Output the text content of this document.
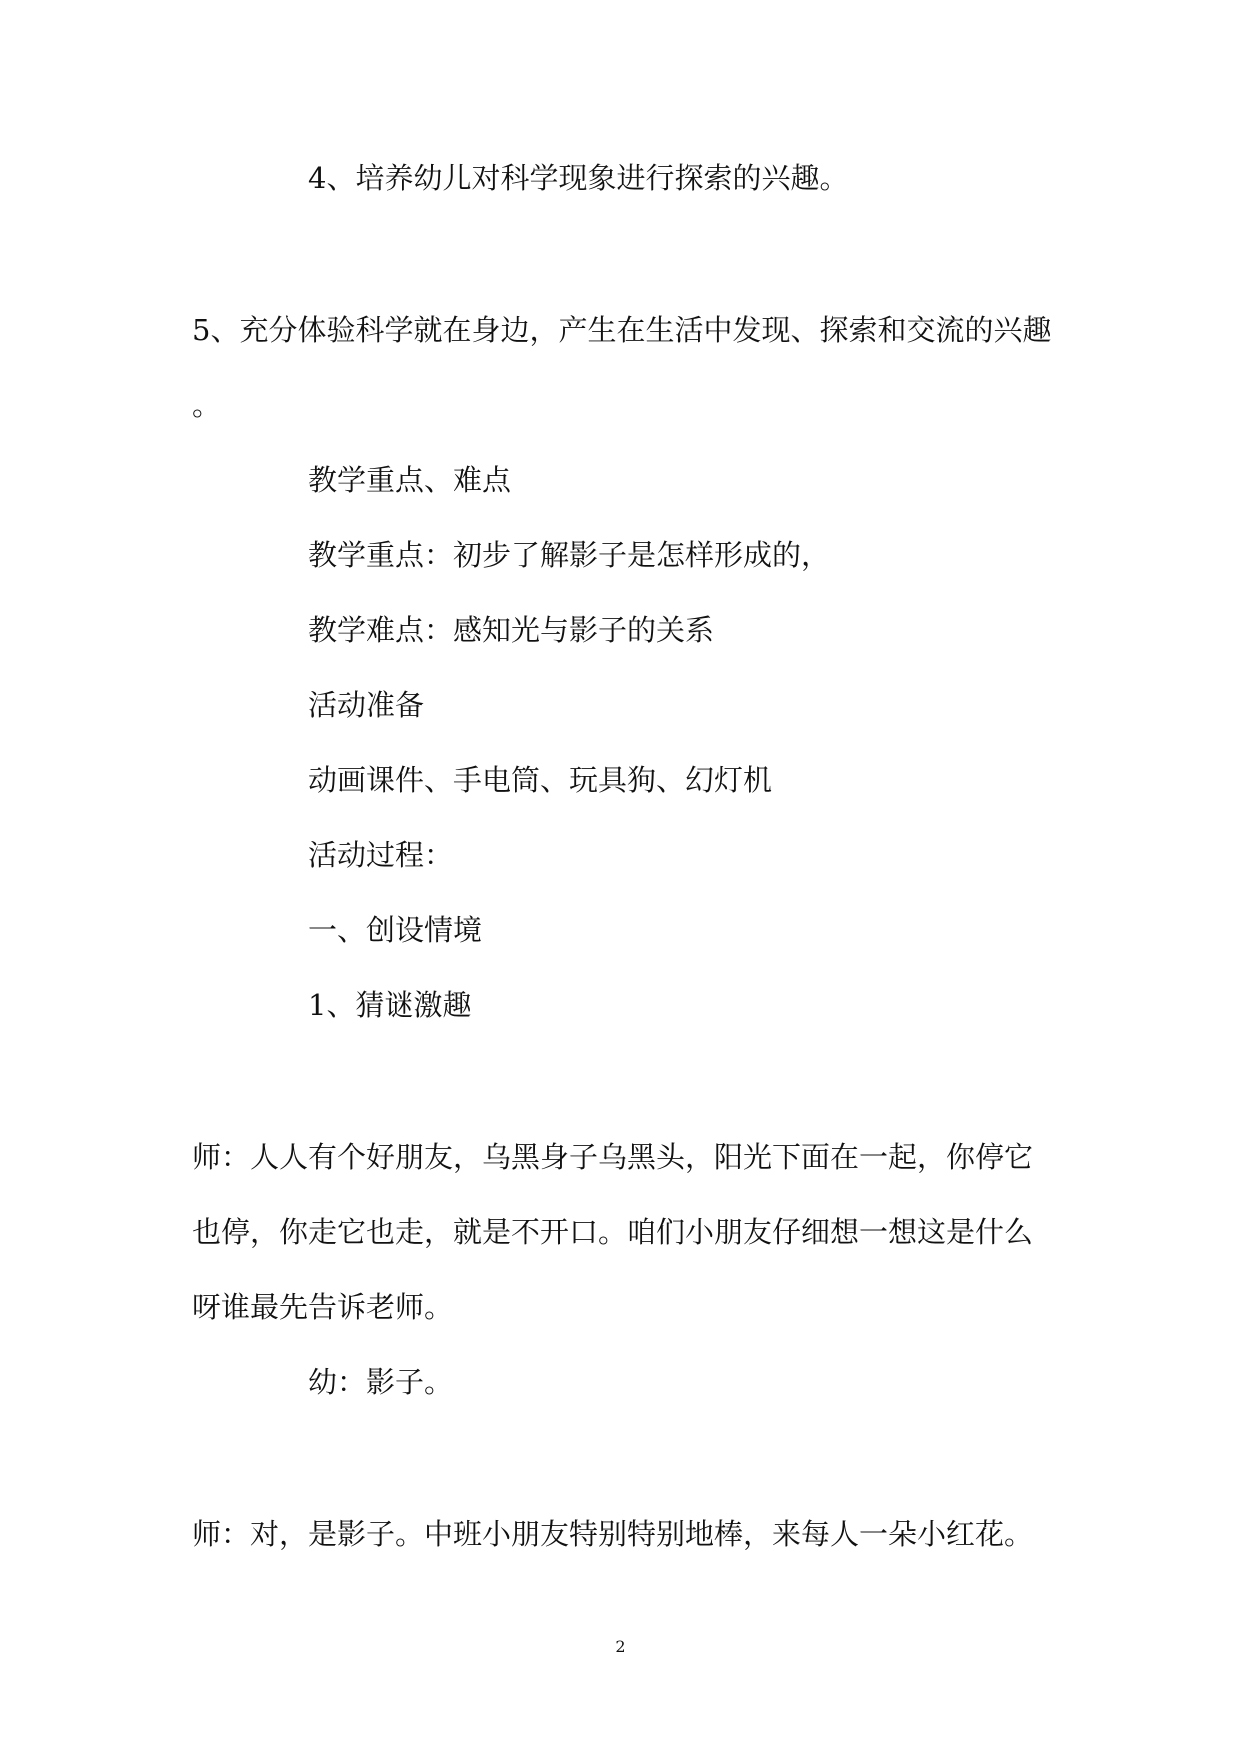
4、培养幼儿对科学现象进行探索的兴趣。

5、充分体验科学就在身边，产生在生活中发现、探索和交流的兴趣

。

教学重点、难点

教学重点：初步了解影子是怎样形成的，

教学难点：感知光与影子的关系

活动准备

动画课件、手电筒、玩具狗、幻灯机

活动过程：

一、创设情境

1、猜谜激趣

师：人人有个好朋友，乌黑身子乌黑头，阳光下面在一起，你停它

也停，你走它也走，就是不开口。咱们小朋友仔细想一想这是什么

呀谁最先告诉老师。

幼：影子。

师：对，是影子。中班小朋友特别特别地棒，来每人一朵小红花。

2
